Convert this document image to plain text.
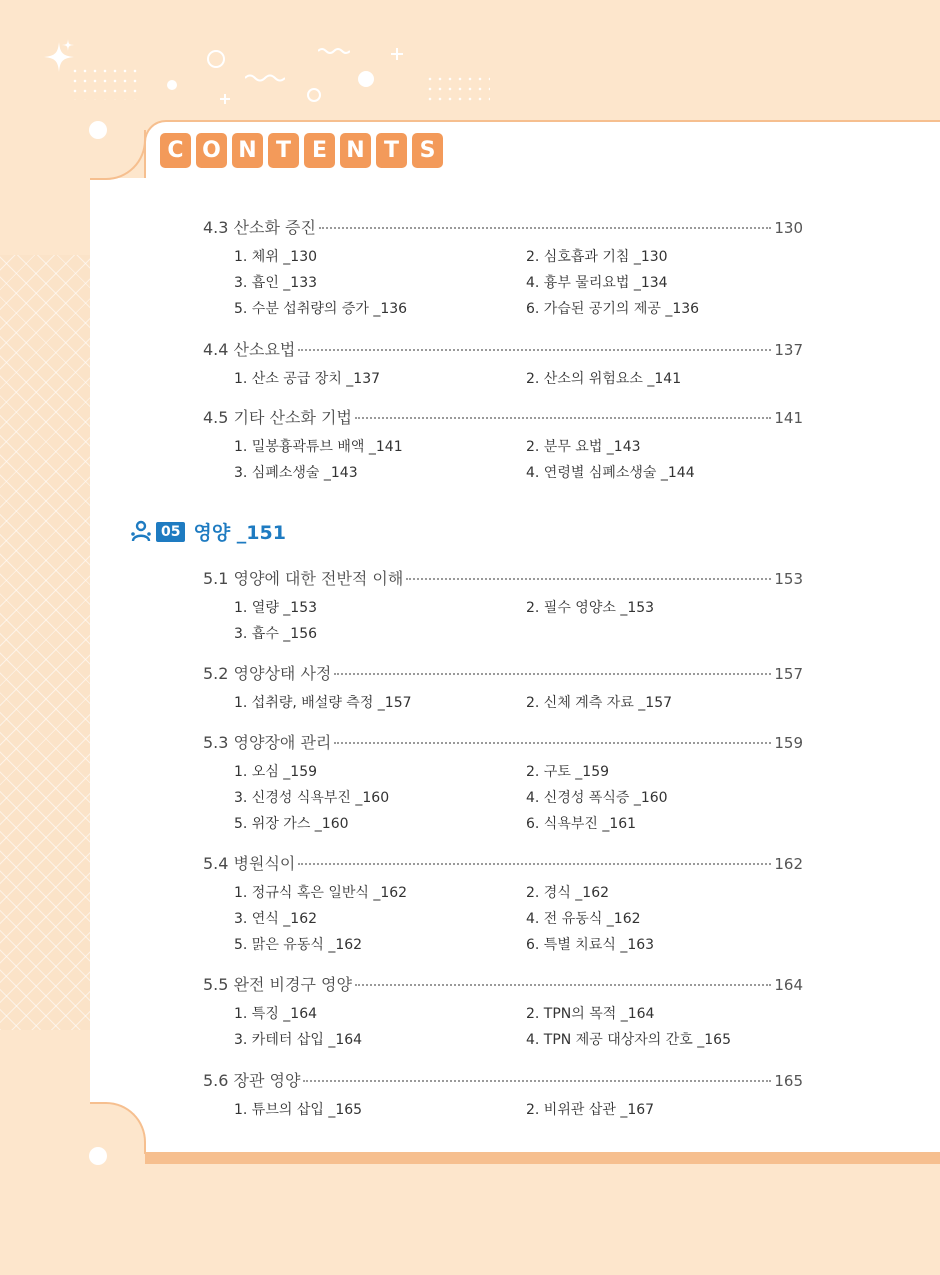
C O N T E N T S
4.3 산소화 증진	130
1. 체위 _130	2. 심호흡과 기침 _130
3. 흡인 _133	4. 흉부 물리요법 _134
5. 수분 섭취량의 증가 _136	6. 가습된 공기의 제공 _136
4.4 산소요법	137
1. 산소 공급 장치 _137	2. 산소의 위험요소 _141
4.5 기타 산소화 기법	141
1. 밀봉흉곽튜브 배액 _141	2. 분무 요법 _143
3. 심폐소생술 _143	4. 연령별 심폐소생술 _144
05 영양 _151
5.1 영양에 대한 전반적 이해	153
1. 열량 _153	2. 필수 영양소 _153
3. 흡수 _156
5.2 영양상태 사정	157
1. 섭취량, 배설량 측정 _157	2. 신체 계측 자료 _157
5.3 영양장애 관리	159
1. 오심 _159	2. 구토 _159
3. 신경성 식욕부진 _160	4. 신경성 폭식증 _160
5. 위장 가스 _160	6. 식욕부진 _161
5.4 병원식이	162
1. 정규식 혹은 일반식 _162	2. 경식 _162
3. 연식 _162	4. 전 유동식 _162
5. 맑은 유동식 _162	6. 특별 치료식 _163
5.5 완전 비경구 영양	164
1. 특징 _164	2. TPN의 목적 _164
3. 카테터 삽입 _164	4. TPN 제공 대상자의 간호 _165
5.6 장관 영양	165
1. 튜브의 삽입 _165	2. 비위관 삽관 _167
